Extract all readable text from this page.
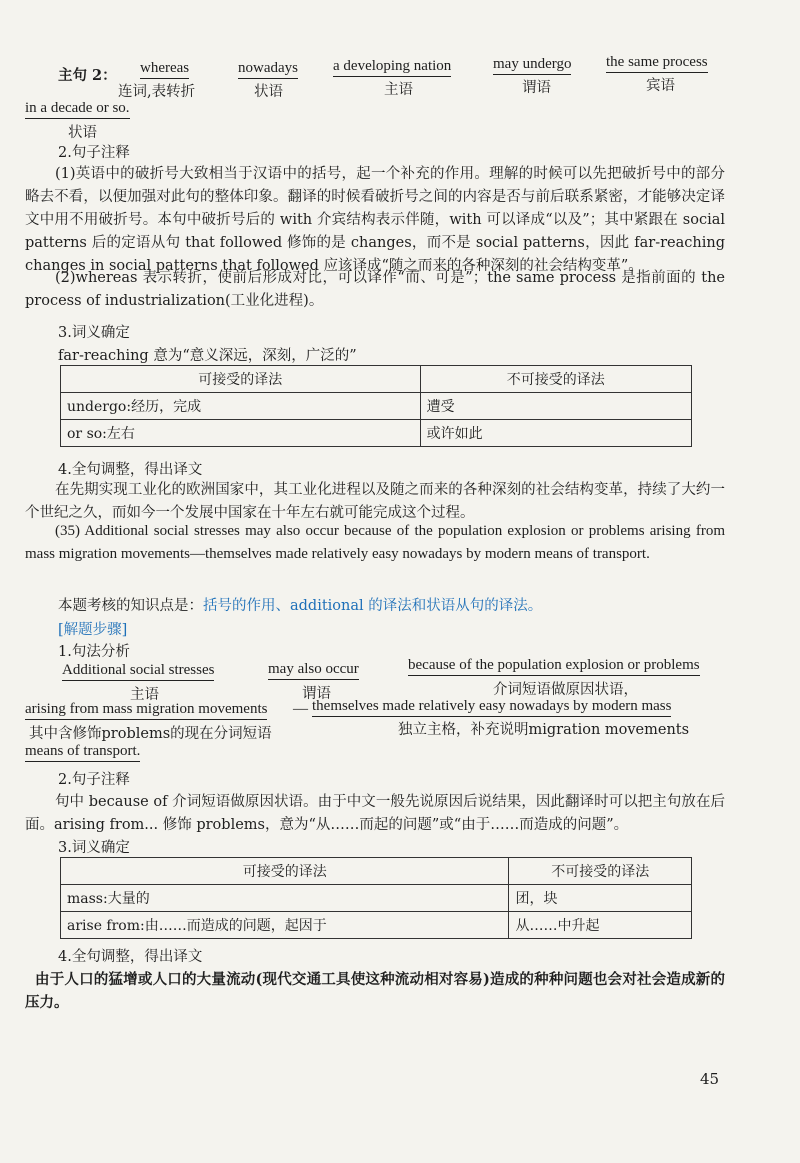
主句 2： whereas
连词,表转折
nowadays
状语
a developing nation
主语
may undergo
谓语
the same process
宾语
in a decade or so.
状语
2.句子注释
(1)英语中的破折号大致相当于汉语中的括号，起一个补充的作用。理解的时候可以先把破折号中的部分略去不看，以便加强对此句的整体印象。翻译的时候看破折号之间的内容是否与前后联系紧密，才能够决定译文中用不用破折号。本句中破折号后的 with 介宾结构表示伴随，with 可以译成“以及”；其中紧跟在 social patterns 后的定语从句 that followed 修饰的是 changes，而不是 social patterns，因此 far-reaching changes in social patterns that followed 应该译成“随之而来的各种深刻的社会结构变革”。
(2)whereas 表示转折，使前后形成对比，可以译作“而、可是”；the same process 是指前面的 the process of industrialization(工业化进程)。
3.词义确定
far-reaching 意为“意义深远，深刻，广泛的”
可接受的译法	不可接受的译法
undergo:经历，完成	遭受
or so:左右	或许如此
4.全句调整，得出译文
在先期实现工业化的欧洲国家中，其工业化进程以及随之而来的各种深刻的社会结构变革，持续了大约一个世纪之久，而如今一个发展中国家在十年左右就可能完成这个过程。
(35) Additional social stresses may also occur because of the population explosion or problems arising from mass migration movements—themselves made relatively easy nowadays by modern means of transport.
本题考核的知识点是：括号的作用、additional 的译法和状语从句的译法。
[解题步骤]
1.句法分析
Additional social stresses
主语
may also occur
谓语
because of the population explosion or problems
介词短语做原因状语，
arising from mass migration movements — themselves made relatively easy nowadays by modern mass
其中含修饰problems的现在分词短语	独立主格，补充说明migration movements
means of transport.
2.句子注释
句中 because of 介词短语做原因状语。由于中文一般先说原因后说结果，因此翻译时可以把主句放在后面。arising from... 修饰 problems，意为“从……而起的问题”或“由于……而造成的问题”。
3.词义确定
可接受的译法	不可接受的译法
mass:大量的	团，块
arise from:由……而造成的问题，起因于	从……中升起
4.全句调整，得出译文
由于人口的猛增或人口的大量流动(现代交通工具使这种流动相对容易)造成的种种问题也会对社会造成新的压力。
45
